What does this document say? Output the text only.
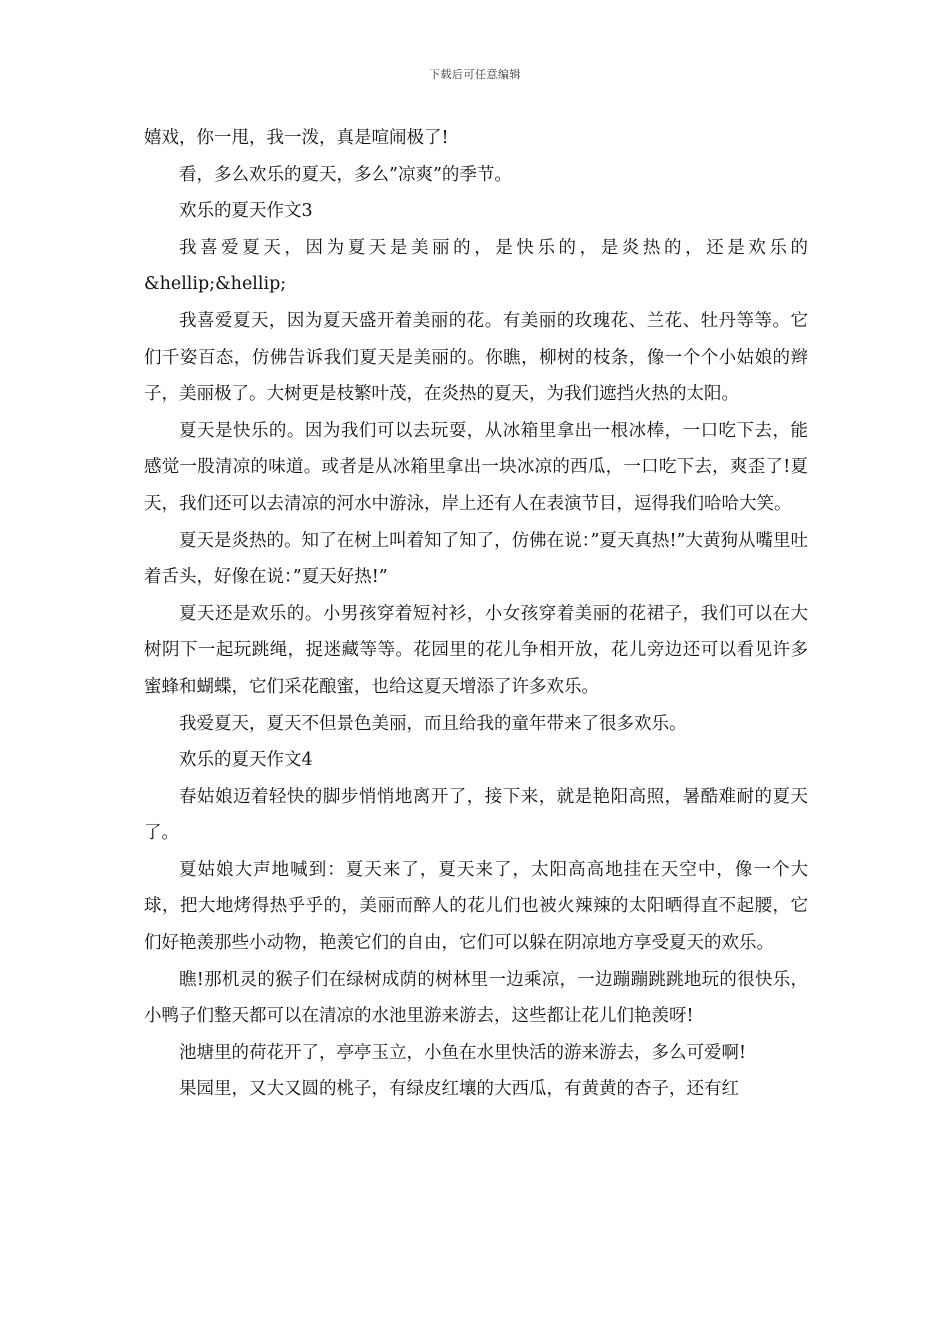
下载后可任意编辑

嬉戏，你一甩，我一泼，真是喧闹极了!

看，多么欢乐的夏天，多么”凉爽”的季节。

欢乐的夏天作文3

我喜爱夏天，因为夏天是美丽的，是快乐的，是炎热的，还是欢乐的&hellip;&hellip;

我喜爱夏天，因为夏天盛开着美丽的花。有美丽的玫瑰花、兰花、牡丹等等。它们千姿百态，仿佛告诉我们夏天是美丽的。你瞧，柳树的枝条，像一个个小姑娘的辫子，美丽极了。大树更是枝繁叶茂，在炎热的夏天，为我们遮挡火热的太阳。

夏天是快乐的。因为我们可以去玩耍，从冰箱里拿出一根冰棒，一口吃下去，能感觉一股清凉的味道。或者是从冰箱里拿出一块冰凉的西瓜，一口吃下去，爽歪了!夏天，我们还可以去清凉的河水中游泳，岸上还有人在表演节目，逗得我们哈哈大笑。

夏天是炎热的。知了在树上叫着知了知了，仿佛在说：”夏天真热!”大黄狗从嘴里吐着舌头，好像在说：”夏天好热!”

夏天还是欢乐的。小男孩穿着短衬衫，小女孩穿着美丽的花裙子，我们可以在大树阴下一起玩跳绳，捉迷藏等等。花园里的花儿争相开放，花儿旁边还可以看见许多蜜蜂和蝴蝶，它们采花酿蜜，也给这夏天增添了许多欢乐。

我爱夏天，夏天不但景色美丽，而且给我的童年带来了很多欢乐。

欢乐的夏天作文4

春姑娘迈着轻快的脚步悄悄地离开了，接下来，就是艳阳高照，暑酷难耐的夏天了。

夏姑娘大声地喊到：夏天来了，夏天来了，太阳高高地挂在天空中，像一个大球，把大地烤得热乎乎的，美丽而醉人的花儿们也被火辣辣的太阳晒得直不起腰，它们好艳羡那些小动物，艳羡它们的自由，它们可以躲在阴凉地方享受夏天的欢乐。

瞧!那机灵的猴子们在绿树成荫的树林里一边乘凉，一边蹦蹦跳跳地玩的很快乐，小鸭子们整天都可以在清凉的水池里游来游去，这些都让花儿们艳羡呀!

池塘里的荷花开了，亭亭玉立，小鱼在水里快活的游来游去，多么可爱啊!

果园里，又大又圆的桃子，有绿皮红壤的大西瓜，有黄黄的杏子，还有红
